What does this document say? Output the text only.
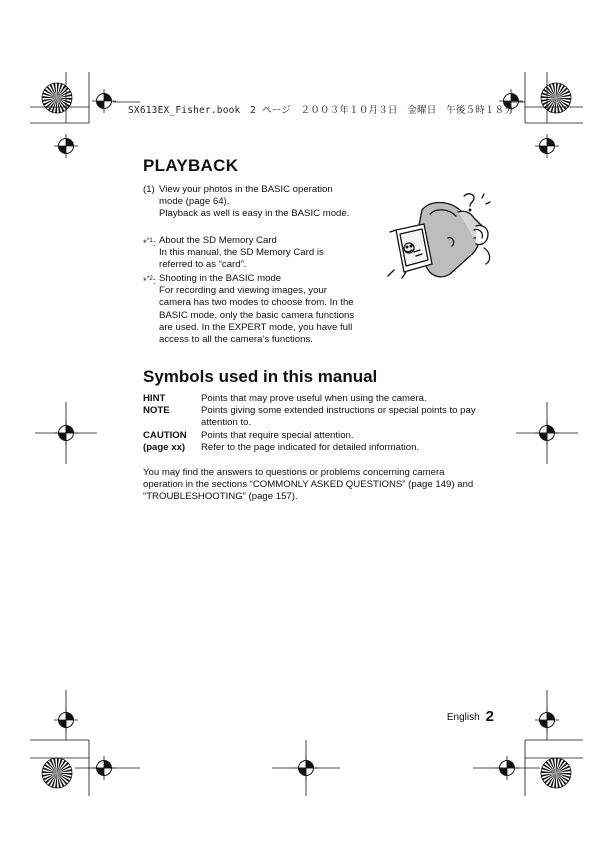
SX613EX_Fisher.book　2 ページ　２００３年１０月３日　金曜日　午後５時１８分
PLAYBACK
(1) View your photos in the BASIC operation
mode (page 64).
Playback as well is easy in the BASIC mode.
*$^{*1}$: About the SD Memory Card
In this manual, the SD Memory Card is
referred to as “card”.
*$^{*2}$: Shooting in the BASIC mode
For recording and viewing images, your
camera has two modes to choose from. In the
BASIC mode, only the basic camera functions
are used. In the EXPERT mode, you have full
access to all the camera’s functions.
Symbols used in this manual
HINT	Points that may prove useful when using the camera.
NOTE	Points giving some extended instructions or special points to pay
attention to.
CAUTION Points that require special attention.
(page xx) Refer to the page indicated for detailed information.
You may find the answers to questions or problems concerning camera
operation in the sections “COMMONLY ASKED QUESTIONS” (page 149) and
“TROUBLESHOOTING” (page 157).
English 2
